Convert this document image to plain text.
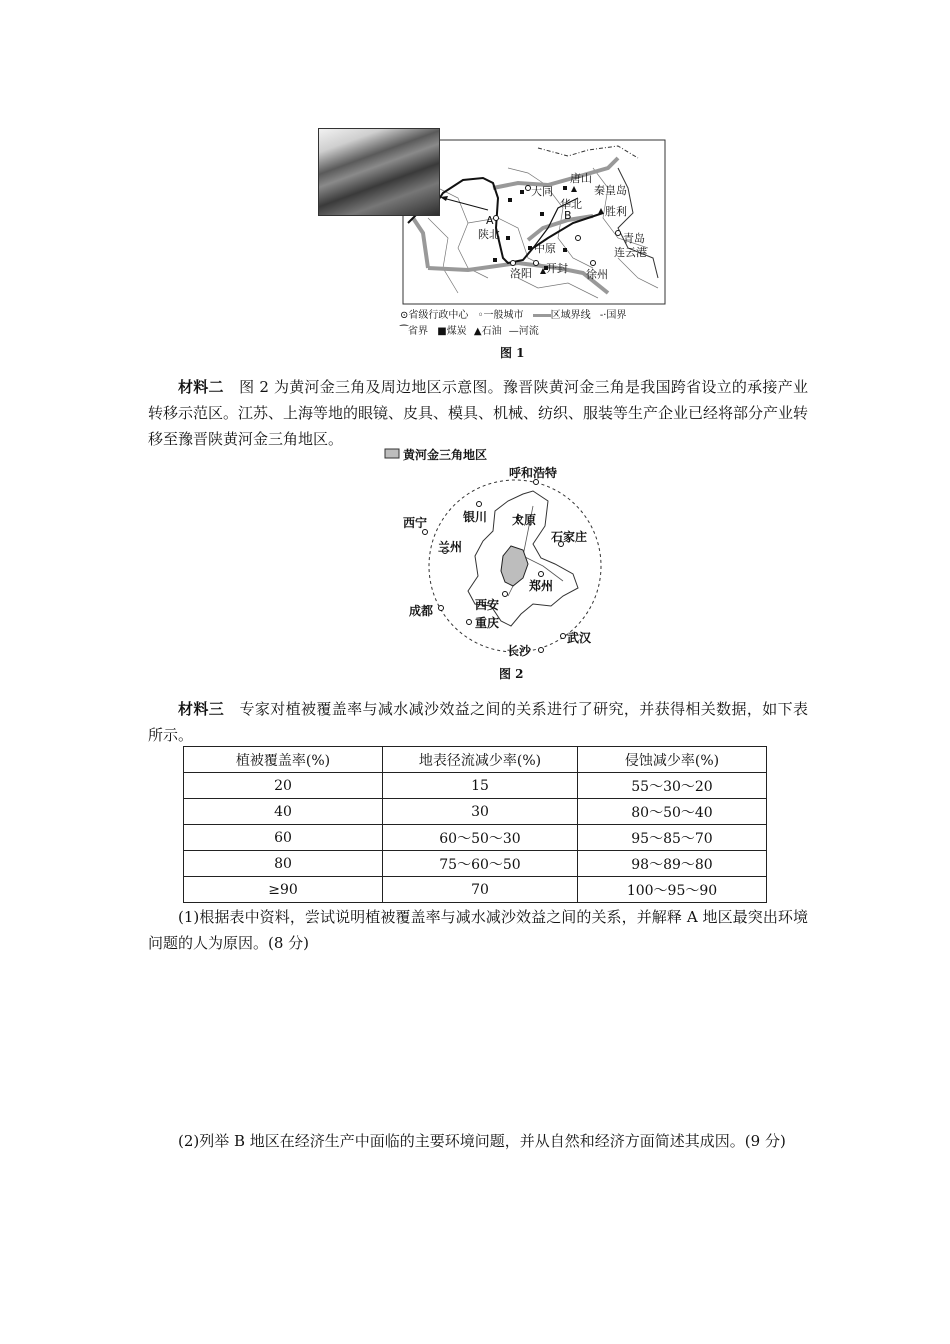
大同
唐山
秦皇岛
华北
B	胜利
A
陕北
中原
青岛
连云港
洛阳 开封 徐州
⊙省级行政中心 ◦一般城市	区域界线 -·国界
⁀省界 ■煤炭 ▲石油 —河流
图 1
材料二　 图 2 为黄河金三角及周边地区示意图。豫晋陕黄河金三角是我国跨省设立的承接产业转移示范区。江苏、上海等地的眼镜、皮具、模具、机械、纺织、服装等生产企业已经将部分产业转移至豫晋陕黄河金三角地区。
黄河金三角地区
呼和浩特
银川 太原
西宁
石家庄
兰州
郑州
西安
成都
重庆
长沙
武汉
图 2
材料三　 专家对植被覆盖率与减水减沙效益之间的关系进行了研究，并获得相关数据，如下表所示。
植被覆盖率(%)	地表径流减少率(%)	侵蚀减少率(%)
20	15	55～30～20
40	30	80～50～40
60	60～50～30	95～85～70
80	75～60～50	98～89～80
≥90	70	100～95～90
(1)根据表中资料，尝试说明植被覆盖率与减水减沙效益之间的关系，并解释 A 地区最突出环境问题的人为原因。(8 分)
(2)列举 B 地区在经济生产中面临的主要环境问题，并从自然和经济方面简述其成因。(9 分)
